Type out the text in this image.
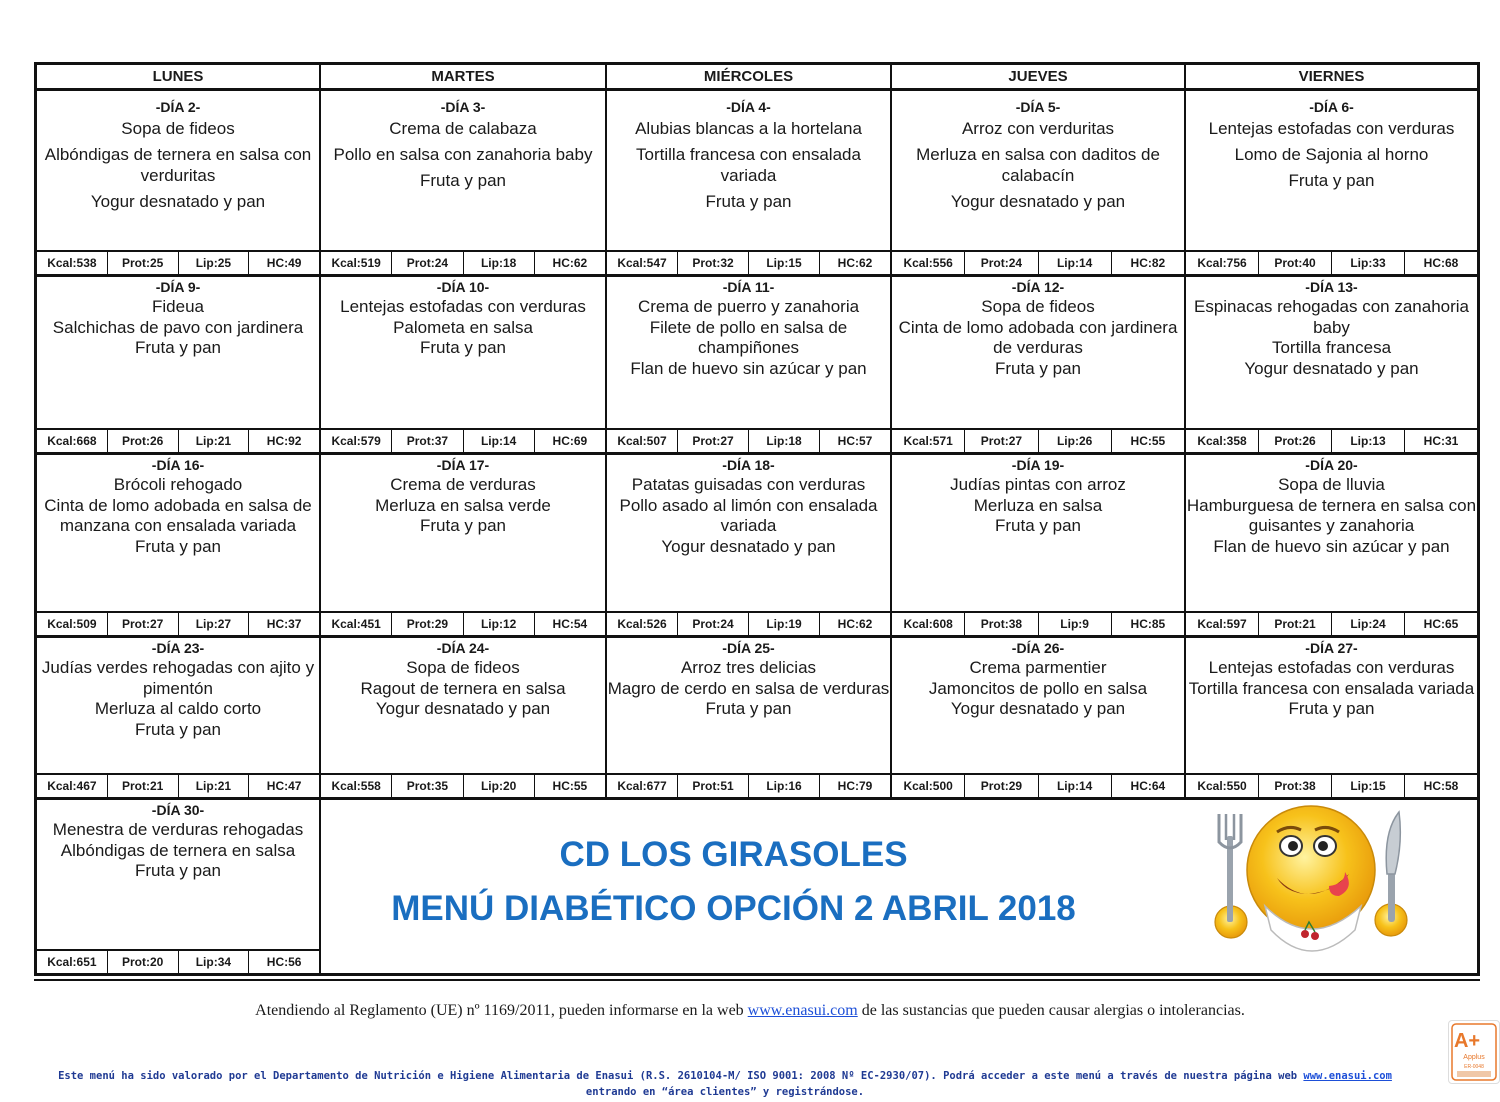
LUNES	MARTES	MIÉRCOLES	JUEVES	VIERNES
-DÍA 2-
Sopa de fideos
Albóndigas de ternera en salsa con verduritas
Yogur desnatado y pan
Kcal:538	Prot:25	Lip:25	HC:49
-DÍA 3-
Crema de calabaza
Pollo en salsa con zanahoria baby
Fruta y pan
Kcal:519	Prot:24	Lip:18	HC:62
-DÍA 4-
Alubias blancas a la hortelana
Tortilla francesa con ensalada variada
Fruta y pan
Kcal:547	Prot:32	Lip:15	HC:62
-DÍA 5-
Arroz con verduritas
Merluza en salsa con daditos de calabacín
Yogur desnatado y pan
Kcal:556	Prot:24	Lip:14	HC:82
-DÍA 6-
Lentejas estofadas con verduras
Lomo de Sajonia al horno
Fruta y pan
Kcal:756	Prot:40	Lip:33	HC:68
-DÍA 9-
Fideua
Salchichas de pavo con jardinera
Fruta y pan
Kcal:668	Prot:26	Lip:21	HC:92
-DÍA 10-
Lentejas estofadas con verduras
Palometa en salsa
Fruta y pan
Kcal:579	Prot:37	Lip:14	HC:69
-DÍA 11-
Crema de puerro y zanahoria
Filete de pollo en salsa de champiñones
Flan de huevo sin azúcar y pan
Kcal:507	Prot:27	Lip:18	HC:57
-DÍA 12-
Sopa de fideos
Cinta de lomo adobada con jardinera de verduras
Fruta y pan
Kcal:571	Prot:27	Lip:26	HC:55
-DÍA 13-
Espinacas rehogadas con zanahoria baby
Tortilla francesa
Yogur desnatado y pan
Kcal:358	Prot:26	Lip:13	HC:31
-DÍA 16-
Brócoli rehogado
Cinta de lomo adobada en salsa de manzana con ensalada variada
Fruta y pan
Kcal:509	Prot:27	Lip:27	HC:37
-DÍA 17-
Crema de verduras
Merluza en salsa verde
Fruta y pan
Kcal:451	Prot:29	Lip:12	HC:54
-DÍA 18-
Patatas guisadas con verduras
Pollo asado al limón con ensalada variada
Yogur desnatado y pan
Kcal:526	Prot:24	Lip:19	HC:62
-DÍA 19-
Judías pintas con arroz
Merluza en salsa
Fruta y pan
Kcal:608	Prot:38	Lip:9	HC:85
-DÍA 20-
Sopa de lluvia
Hamburguesa de ternera en salsa con guisantes y zanahoria
Flan de huevo sin azúcar y pan
Kcal:597	Prot:21	Lip:24	HC:65
-DÍA 23-
Judías verdes rehogadas con ajito y pimentón
Merluza al caldo corto
Fruta y pan
Kcal:467	Prot:21	Lip:21	HC:47
-DÍA 24-
Sopa de fideos
Ragout de ternera en salsa
Yogur desnatado y pan
Kcal:558	Prot:35	Lip:20	HC:55
-DÍA 25-
Arroz tres delicias
Magro de cerdo en salsa de verduras
Fruta y pan
Kcal:677	Prot:51	Lip:16	HC:79
-DÍA 26-
Crema parmentier
Jamoncitos de pollo en salsa
Yogur desnatado y pan
Kcal:500	Prot:29	Lip:14	HC:64
-DÍA 27-
Lentejas estofadas con verduras
Tortilla francesa con ensalada variada
Fruta y pan
Kcal:550	Prot:38	Lip:15	HC:58
-DÍA 30-
Menestra de verduras rehogadas
Albóndigas de ternera en salsa
Fruta y pan
Kcal:651	Prot:20	Lip:34	HC:56
CD LOS GIRASOLES
MENÚ DIABÉTICO OPCIÓN 2 ABRIL 2018
Atendiendo al Reglamento (UE) nº 1169/2011, pueden informarse en la web www.enasui.com de las sustancias que pueden causar alergias o intolerancias.
Este menú ha sido valorado por el Departamento de Nutrición e Higiene Alimentaria de Enasui (R.S. 2610104-M/ ISO 9001: 2008 Nº EC-2930/07). Podrá acceder a este menú a través de nuestra página web www.enasui.com entrando en “área clientes” y registrándose.
A+
Applus
ER-0048
